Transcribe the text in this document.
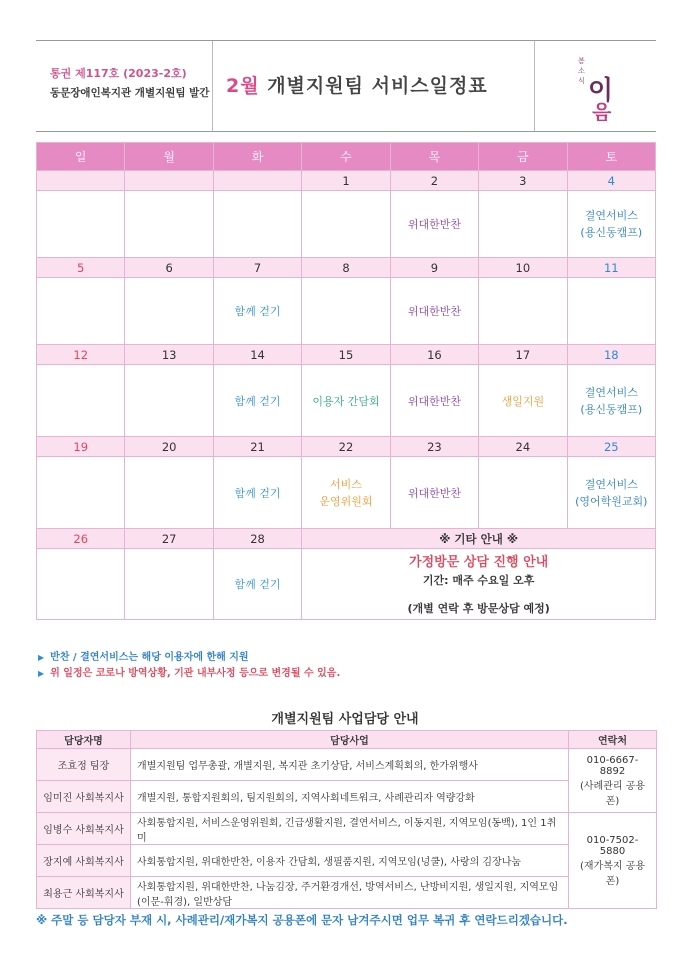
통권 제117호 (2023-2호)
동문장애인복지관 개별지원팀 발간 2월 개별지원팀 서비스일정표
봄
소
식 이
음
일	월	화	수	목	금	토
			1	2	3	4
				위대한반찬		결연서비스
(용신동캠프)
5	6	7	8	9	10	11
		함께 걷기		위대한반찬		
12	13	14	15	16	17	18
		함께 걷기	이용자 간담회	위대한반찬	생일지원	결연서비스
(용신동캠프)
19	20	21	22	23	24	25
		함께 걷기	서비스
운영위원회	위대한반찬		결연서비스
(영어학원교회)
26	27	28	※ 기타 안내 ※			
		함께 걷기	가정방문 상담 진행 안내
기간: 매주 수요일 오후
(개별 연락 후 방문상담 예정)			
▶ 반찬 / 결연서비스는 해당 이용자에 한해 지원
▶ 위 일정은 코로나 방역상황, 기관 내부사정 등으로 변경될 수 있음.
개별지원팀 사업담당 안내
담당자명	담당사업	연락처
조효정 팀장	개별지원팀 업무총괄, 개별지원, 복지관 초기상담, 서비스계획회의, 한가위행사	010-6667-8892
(사례관리 공용폰)

임미진 사회복지사	개별지원, 통합지원회의, 팀지원회의, 지역사회네트워크, 사례관리자 역량강화	
임병수 사회복지사	사회통합지원, 서비스운영위원회, 긴급생활지원, 결연서비스, 이동지원, 지역모임(동백), 1인 1취미	010-7502-5880
(재가복지 공용폰)

장지예 사회복지사	사회통합지원, 위대한반찬, 이용자 간담회, 생필품지원, 지역모임(넝쿨), 사랑의 김장나눔	
최용근 사회복지사	사회통합지원, 위대한반찬, 나눔김장, 주거환경개선, 방역서비스, 난방비지원, 생일지원, 지역모임(이문-휘경), 일반상담	
※ 주말 등 담당자 부재 시, 사례관리/재가복지 공용폰에 문자 남겨주시면 업무 복귀 후 연락드리겠습니다.
